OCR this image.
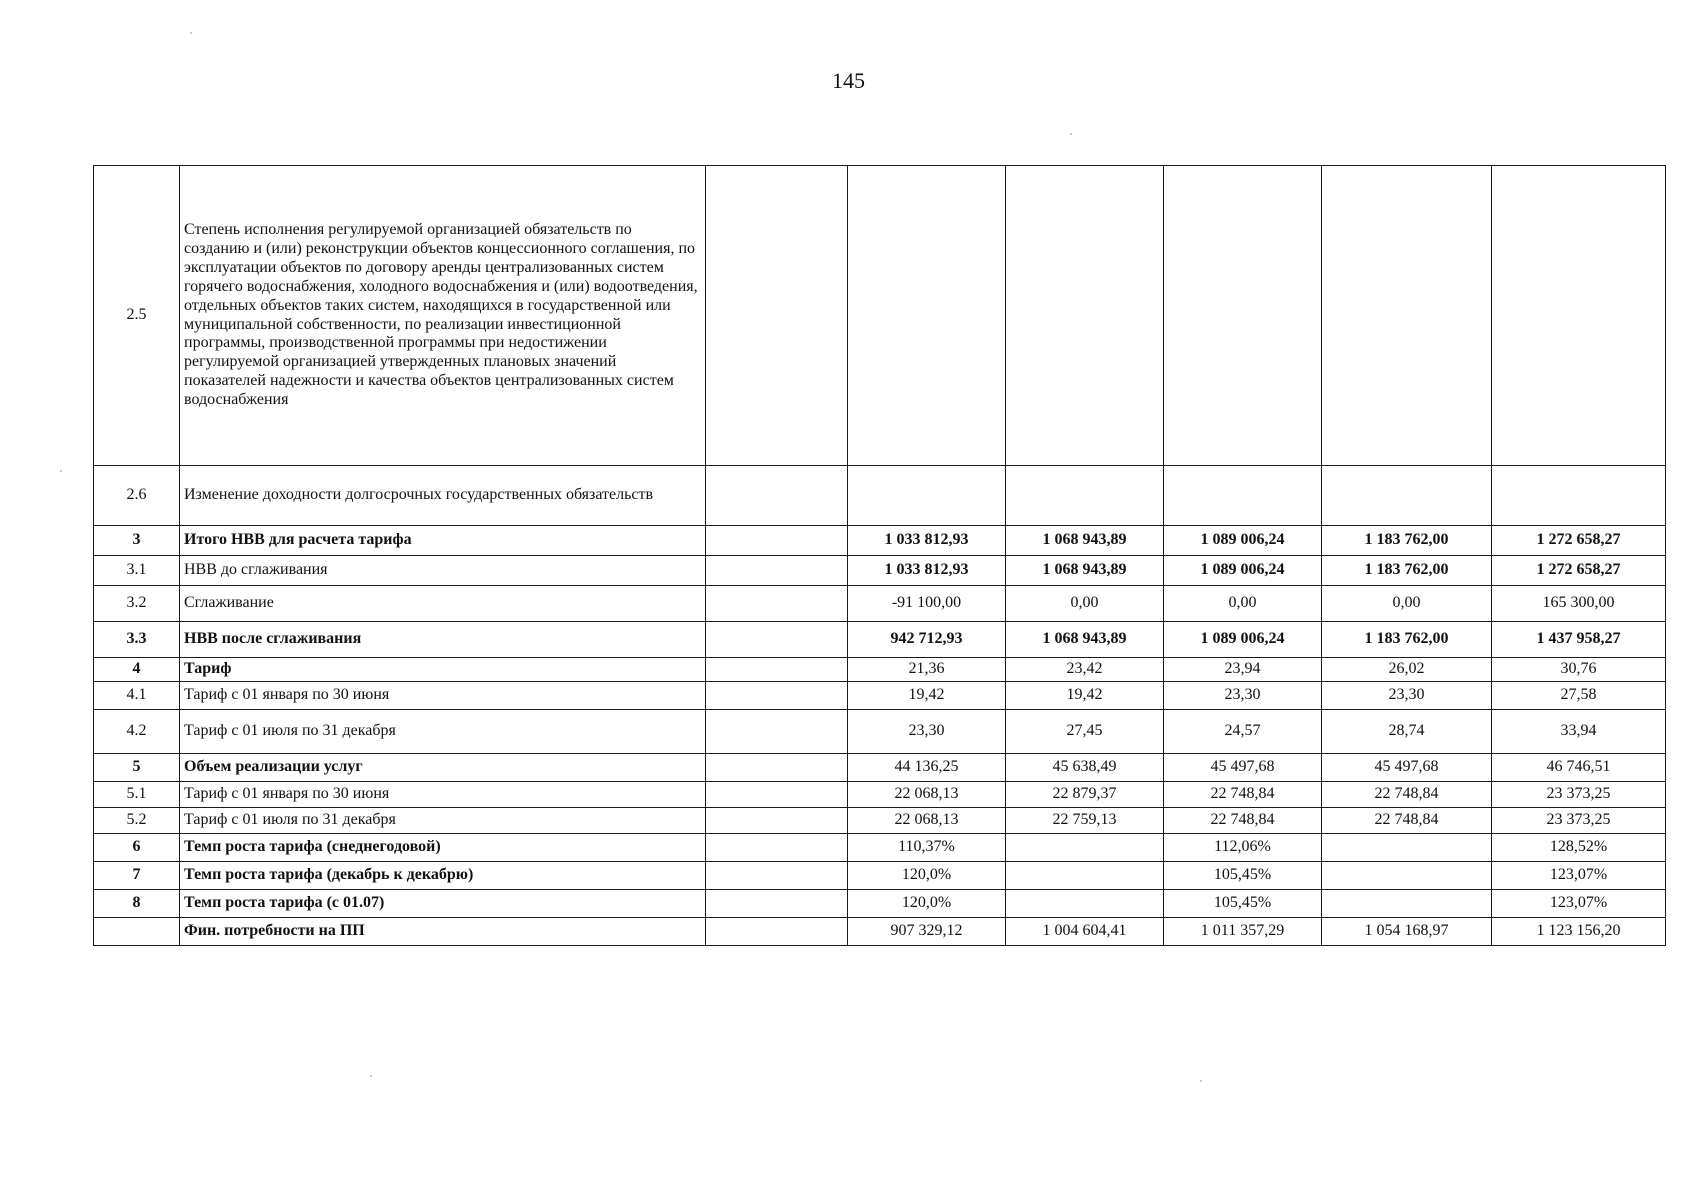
145
2.5	Степень исполнения регулируемой организацией обязательств по созданию и (или) реконструкции объектов концессионного соглашения, по эксплуатации объектов по договору аренды централизованных систем горячего водоснабжения, холодного водоснабжения и (или) водоотведения, отдельных объектов таких систем, находящихся в государственной или муниципальной собственности, по реализации инвестиционной программы, производственной программы при недостижении регулируемой организацией утвержденных плановых значений показателей надежности и качества объектов централизованных систем водоснабжения						
2.6	Изменение доходности долгосрочных государственных обязательств						
3	Итого НВВ для расчета тарифа		1 033 812,93	1 068 943,89	1 089 006,24	1 183 762,00	1 272 658,27
3.1	НВВ до сглаживания		1 033 812,93	1 068 943,89	1 089 006,24	1 183 762,00	1 272 658,27
3.2	Сглаживание		-91 100,00	0,00	0,00	0,00	165 300,00
3.3	НВВ после сглаживания		942 712,93	1 068 943,89	1 089 006,24	1 183 762,00	1 437 958,27
4	Тариф		21,36	23,42	23,94	26,02	30,76
4.1	Тариф с 01 января по 30 июня		19,42	19,42	23,30	23,30	27,58
4.2	Тариф с 01 июля по 31 декабря		23,30	27,45	24,57	28,74	33,94
5	Объем реализации услуг		44 136,25	45 638,49	45 497,68	45 497,68	46 746,51
5.1	Тариф с 01 января по 30 июня		22 068,13	22 879,37	22 748,84	22 748,84	23 373,25
5.2	Тариф с 01 июля по 31 декабря		22 068,13	22 759,13	22 748,84	22 748,84	23 373,25
6	Темп роста тарифа (снеднегодовой)		110,37%		112,06%		128,52%
7	Темп роста тарифа (декабрь к декабрю)		120,0%		105,45%		123,07%
8	Темп роста тарифа (с 01.07)		120,0%		105,45%		123,07%
	Фин. потребности на ПП		907 329,12	1 004 604,41	1 011 357,29	1 054 168,97	1 123 156,20
